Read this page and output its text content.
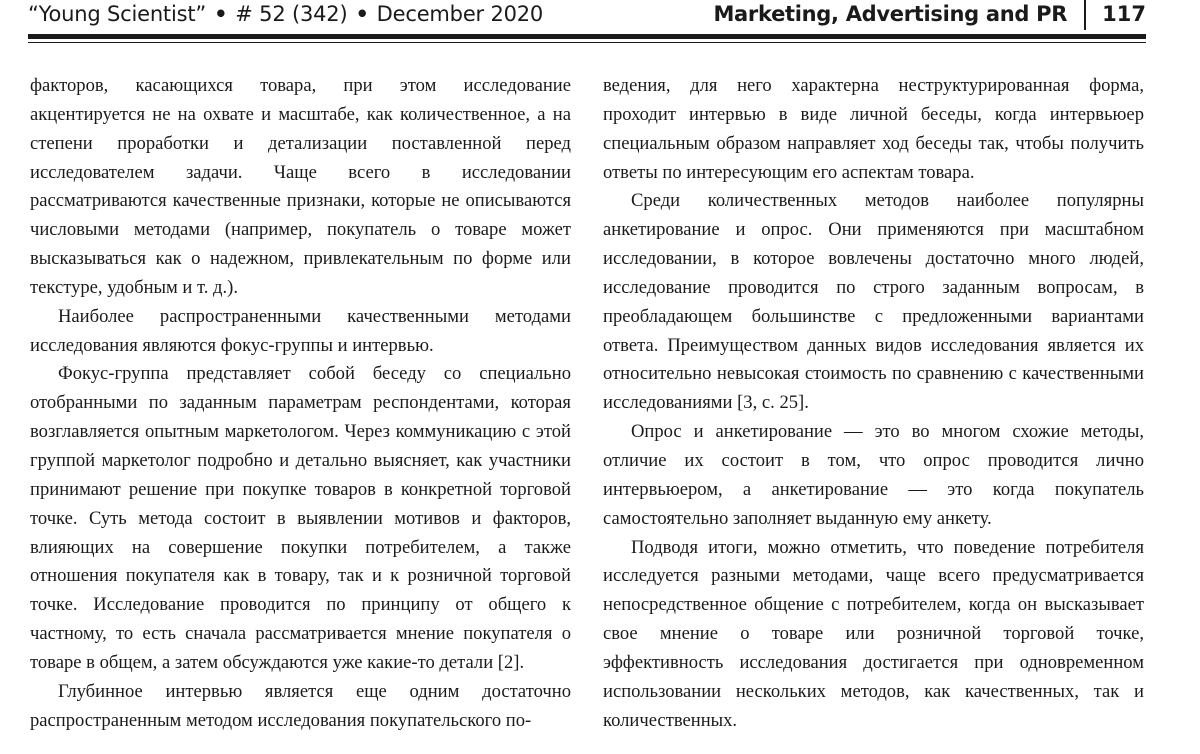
“Young Scientist” • # 52 (342) • December 2020	Marketing, Advertising and PR 117

факторов, касающихся товара, при этом исследование акцентируется не на охвате и масштабе, как количественное, а на степени проработки и детализации поставленной перед исследователем задачи. Чаще всего в исследовании рассматриваются качественные признаки, которые не описываются числовыми методами (например, покупатель о товаре может высказываться как о надежном, привлекательным по форме или текстуре, удобным и т. д.).

Наиболее распространенными качественными методами исследования являются фокус-группы и интервью.

Фокус-группа представляет собой беседу со специально отобранными по заданным параметрам респондентами, которая возглавляется опытным маркетологом. Через коммуникацию с этой группой маркетолог подробно и детально выясняет, как участники принимают решение при покупке товаров в конкретной торговой точке. Суть метода состоит в выявлении мотивов и факторов, влияющих на совершение покупки потребителем, а также отношения покупателя как в товару, так и к розничной торговой точке. Исследование проводится по принципу от общего к частному, то есть сначала рассматривается мнение покупателя о товаре в общем, а затем обсуждаются уже какие-то детали [2].

Глубинное интервью является еще одним достаточно распространенным методом исследования покупательского по-

ведения, для него характерна неструктурированная форма, проходит интервью в виде личной беседы, когда интервьюер специальным образом направляет ход беседы так, чтобы получить ответы по интересующим его аспектам товара.

Среди количественных методов наиболее популярны анкетирование и опрос. Они применяются при масштабном исследовании, в которое вовлечены достаточно много людей, исследование проводится по строго заданным вопросам, в преобладающем большинстве с предложенными вариантами ответа. Преимуществом данных видов исследования является их относительно невысокая стоимость по сравнению с качественными исследованиями [3, с. 25].

Опрос и анкетирование — это во многом схожие методы, отличие их состоит в том, что опрос проводится лично интервьюером, а анкетирование — это когда покупатель самостоятельно заполняет выданную ему анкету.

Подводя итоги, можно отметить, что поведение потребителя исследуется разными методами, чаще всего предусматривается непосредственное общение с потребителем, когда он высказывает свое мнение о товаре или розничной торговой точке, эффективность исследования достигается при одновременном использовании нескольких методов, как качественных, так и количественных.
